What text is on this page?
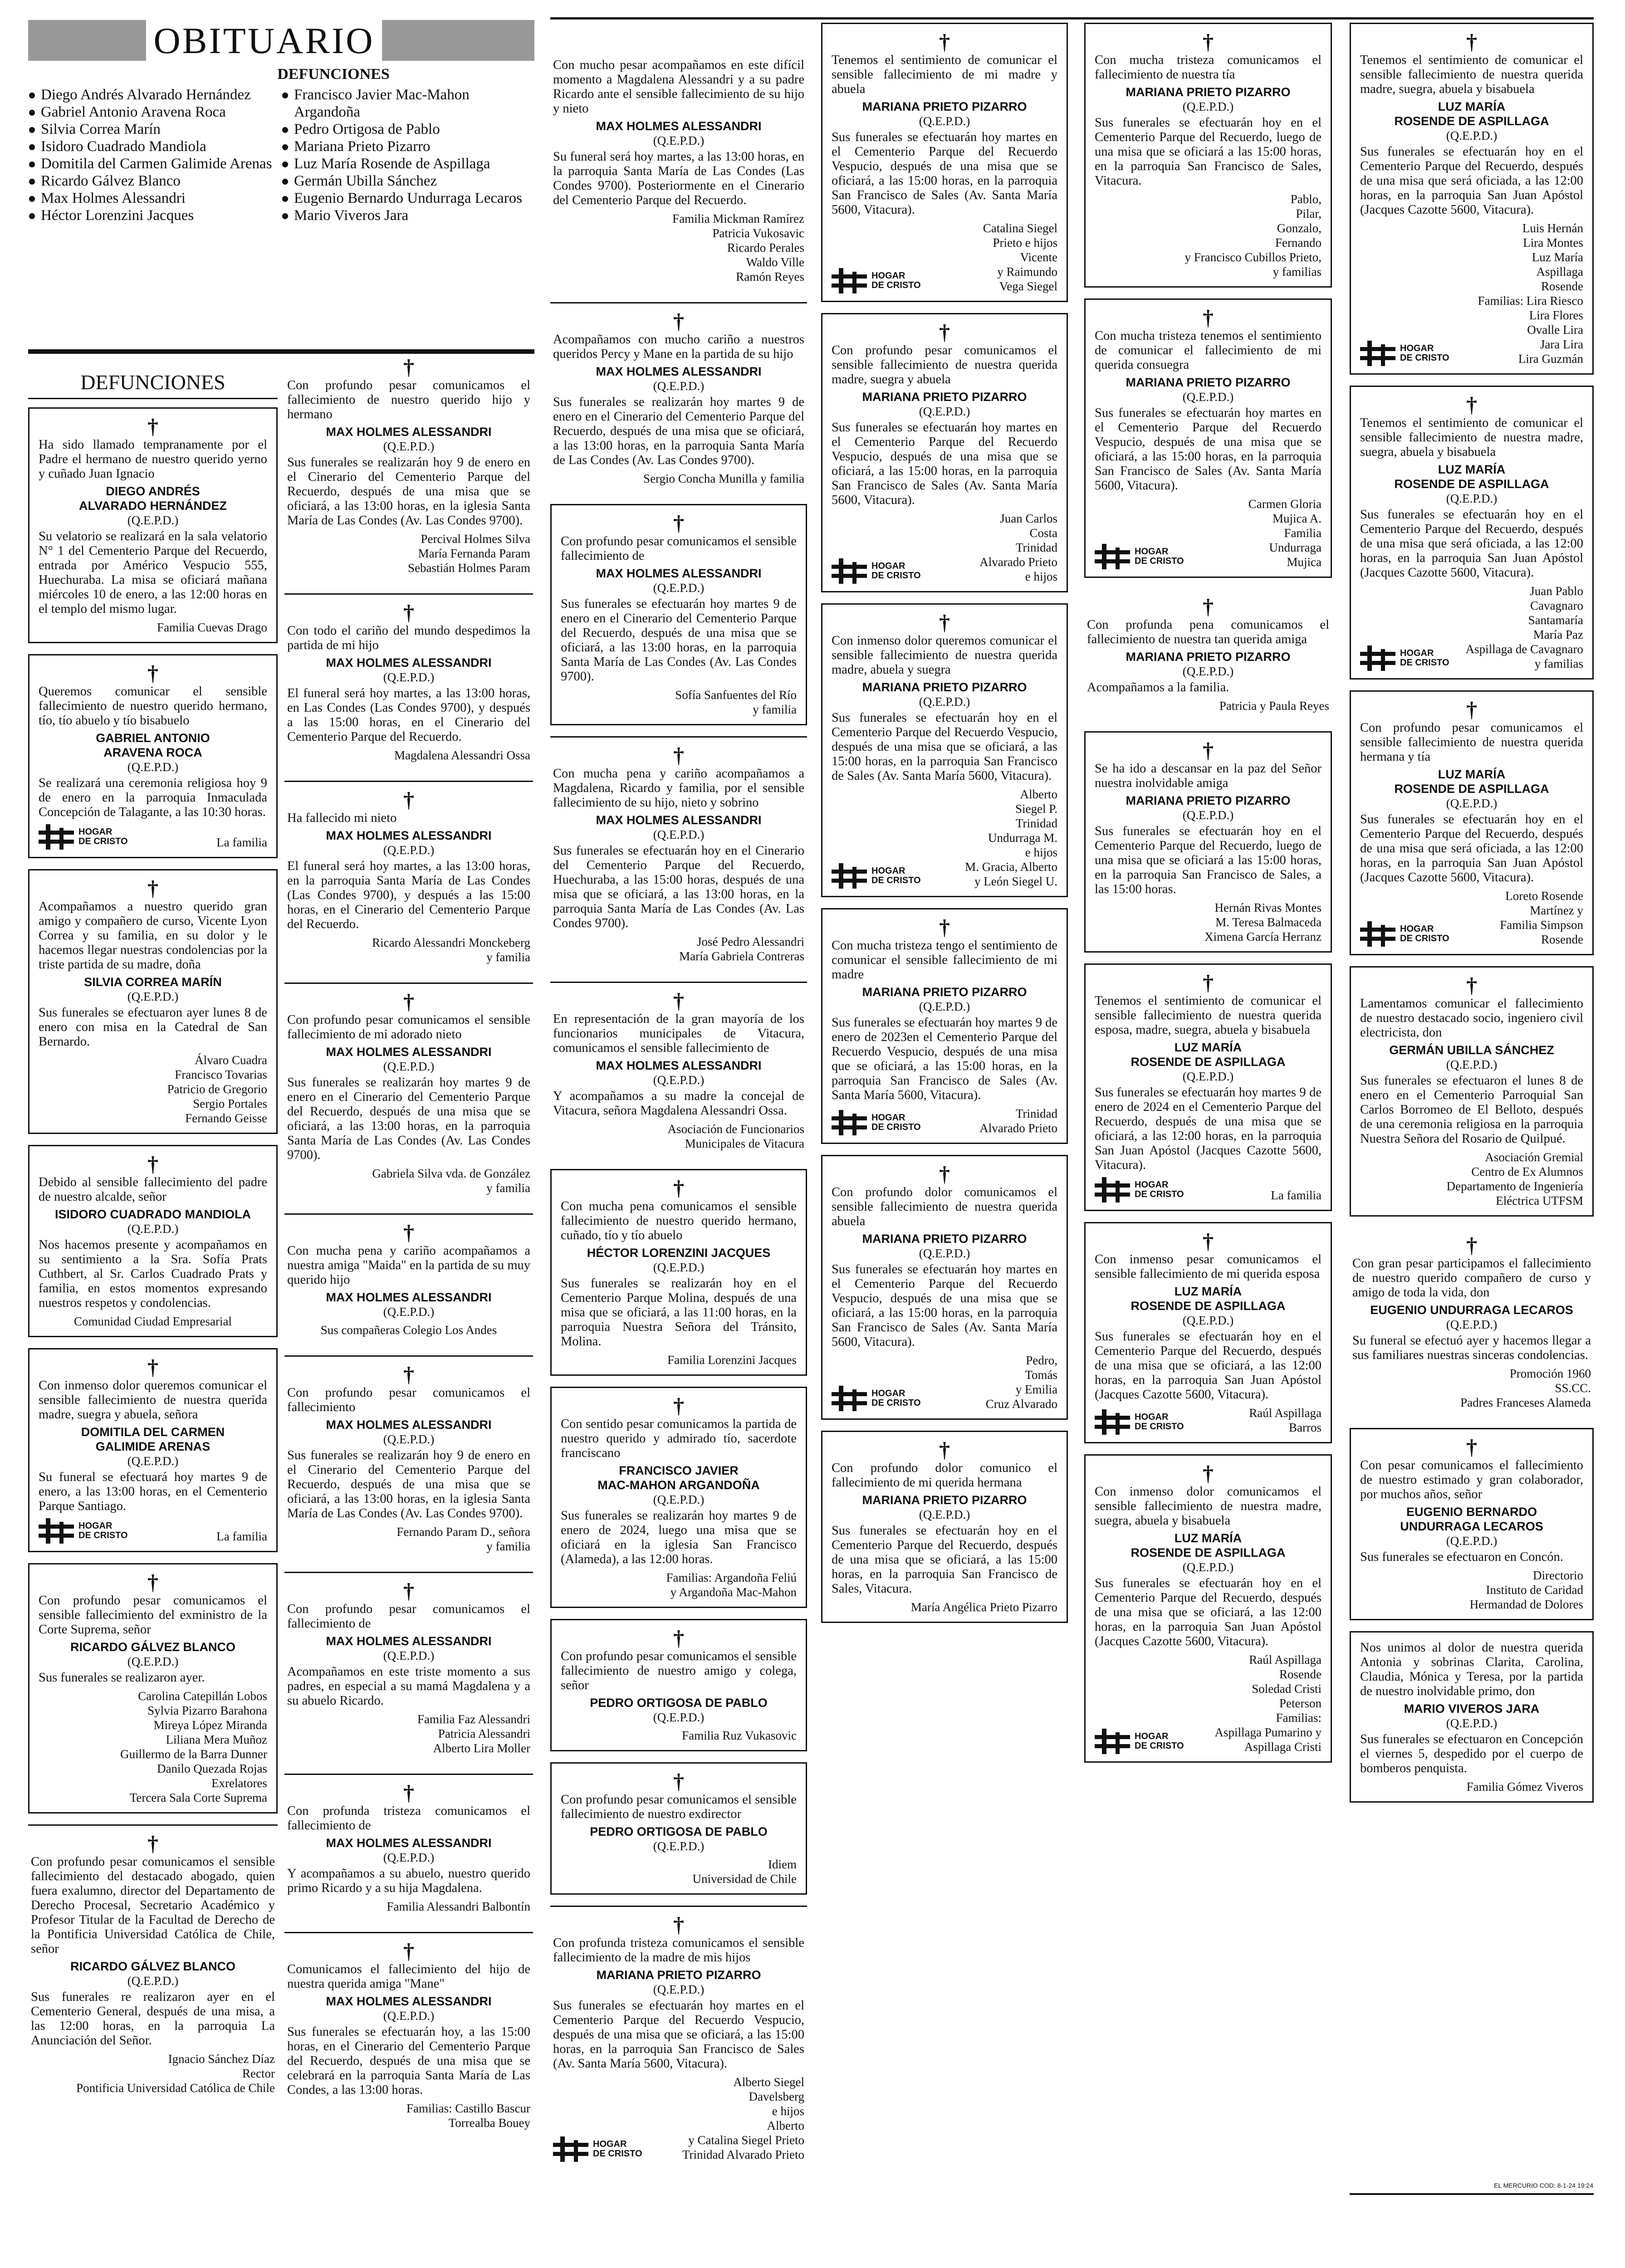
OBITUARIO
DEFUNCIONES
Diego Andrés Alvarado Hernández
Gabriel Antonio Aravena Roca
Silvia Correa Marín
Isidoro Cuadrado Mandiola
Domitila del Carmen Galimide Arenas
Ricardo Gálvez Blanco
Max Holmes Alessandri
Héctor Lorenzini Jacques
Francisco Javier Mac-Mahon Argandoña
Pedro Ortigosa de Pablo
Mariana Prieto Pizarro
Luz María Rosende de Aspillaga
Germán Ubilla Sánchez
Eugenio Bernardo Undurraga Lecaros
Mario Viveros Jara
DEFUNCIONES
†

Ha sido llamado tempranamente por el Padre el hermano de nuestro querido yerno y cuñado Juan Ignacio

DIEGO ANDRÉS
ALVARADO HERNÁNDEZ
(Q.E.P.D.)

Su velatorio se realizará en la sala velatorio N° 1 del Cementerio Parque del Recuerdo, entrada por Américo Vespucio 555, Huechuraba. La misa se oficiará mañana miércoles 10 de enero, a las 12:00 horas en el templo del mismo lugar.

Familia Cuevas Drago
†

Queremos comunicar el sensible fallecimiento de nuestro querido hermano, tío, tío abuelo y tío bisabuelo

GABRIEL ANTONIO
ARAVENA ROCA
(Q.E.P.D.)

Se realizará una ceremonia religiosa hoy 9 de enero en la parroquia Inmaculada Concepción de Talagante, a las 10:30 horas.

HOGAR
DE CRISTO	La familia
†

Acompañamos a nuestro querido gran amigo y compañero de curso, Vicente Lyon Correa y su familia, en su dolor y le hacemos llegar nuestras condolencias por la triste partida de su madre, doña

SILVIA CORREA MARÍN
(Q.E.P.D.)

Sus funerales se efectuaron ayer lunes 8 de enero con misa en la Catedral de San Bernardo.

Álvaro Cuadra
Francisco Tovarias
Patricio de Gregorio
Sergio Portales
Fernando Geisse
†

Debido al sensible fallecimiento del padre de nuestro alcalde, señor

ISIDORO CUADRADO MANDIOLA
(Q.E.P.D.)

Nos hacemos presente y acompañamos en su sentimiento a la Sra. Sofía Prats Cuthbert, al Sr. Carlos Cuadrado Prats y familia, en estos momentos expresando nuestros respetos y condolencias.

Comunidad Ciudad Empresarial
†

Con inmenso dolor queremos comunicar el sensible fallecimiento de nuestra querida madre, suegra y abuela, señora

DOMITILA DEL CARMEN
GALIMIDE ARENAS
(Q.E.P.D.)

Su funeral se efectuará hoy martes 9 de enero, a las 13:00 horas, en el Cementerio Parque Santiago.

HOGAR
DE CRISTO	La familia
†

Con profundo pesar comunicamos el sensible fallecimiento del exministro de la Corte Suprema, señor

RICARDO GÁLVEZ BLANCO
(Q.E.P.D.)

Sus funerales se realizaron ayer.

Carolina Catepillán Lobos
Sylvia Pizarro Barahona
Mireya López Miranda
Liliana Mera Muñoz
Guillermo de la Barra Dunner
Danilo Quezada Rojas
Exrelatores
Tercera Sala Corte Suprema
†

Con profundo pesar comunicamos el sensible fallecimiento del destacado abogado, quien fuera exalumno, director del Departamento de Derecho Procesal, Secretario Académico y Profesor Titular de la Facultad de Derecho de la Pontificia Universidad Católica de Chile, señor

RICARDO GÁLVEZ BLANCO
(Q.E.P.D.)

Sus funerales re realizaron ayer en el Cementerio General, después de una misa, a las 12:00 horas, en la parroquia La Anunciación del Señor.

Ignacio Sánchez Díaz
Rector
Pontificia Universidad Católica de Chile
†

Con profundo pesar comunicamos el fallecimiento de nuestro querido hijo y hermano

MAX HOLMES ALESSANDRI
(Q.E.P.D.)

Sus funerales se realizarán hoy 9 de enero en el Cinerario del Cementerio Parque del Recuerdo, después de una misa que se oficiará, a las 13:00 horas, en la iglesia Santa María de Las Condes (Av. Las Condes 9700).

Percival Holmes Silva
María Fernanda Param
Sebastián Holmes Param
†

Con todo el cariño del mundo despedimos la partida de mi hijo

MAX HOLMES ALESSANDRI
(Q.E.P.D.)

El funeral será hoy martes, a las 13:00 horas, en Las Condes (Las Condes 9700), y después a las 15:00 horas, en el Cinerario del Cementerio Parque del Recuerdo.

Magdalena Alessandri Ossa
†

Ha fallecido mi nieto

MAX HOLMES ALESSANDRI
(Q.E.P.D.)

El funeral será hoy martes, a las 13:00 horas, en la parroquia Santa María de Las Condes (Las Condes 9700), y después a las 15:00 horas, en el Cinerario del Cementerio Parque del Recuerdo.

Ricardo Alessandri Monckeberg
y familia
†

Con profundo pesar comunicamos el sensible fallecimiento de mi adorado nieto

MAX HOLMES ALESSANDRI
(Q.E.P.D.)

Sus funerales se realizarán hoy martes 9 de enero en el Cinerario del Cementerio Parque del Recuerdo, después de una misa que se oficiará, a las 13:00 horas, en la parroquia Santa María de Las Condes (Av. Las Condes 9700).

Gabriela Silva vda. de González
y familia
†

Con mucha pena y cariño acompañamos a nuestra amiga "Maida" en la partida de su muy querido hijo

MAX HOLMES ALESSANDRI
(Q.E.P.D.)
Sus compañeras Colegio Los Andes
†

Con profundo pesar comunicamos el fallecimiento

MAX HOLMES ALESSANDRI
(Q.E.P.D.)

Sus funerales se realizarán hoy 9 de enero en el Cinerario del Cementerio Parque del Recuerdo, después de una misa que se oficiará, a las 13:00 horas, en la iglesia Santa María de Las Condes (Av. Las Condes 9700).

Fernando Param D., señora
y familia
†

Con profundo pesar comunicamos el fallecimiento de

MAX HOLMES ALESSANDRI
(Q.E.P.D.)

Acompañamos en este triste momento a sus padres, en especial a su mamá Magdalena y a su abuelo Ricardo.

Familia Faz Alessandri
Patricia Alessandri
Alberto Lira Moller
†

Con profunda tristeza comunicamos el fallecimiento de

MAX HOLMES ALESSANDRI
(Q.E.P.D.)

Y acompañamos a su abuelo, nuestro querido primo Ricardo y a su hija Magdalena.

Familia Alessandri Balbontín
†

Comunicamos el fallecimiento del hijo de nuestra querida amiga "Mane"

MAX HOLMES ALESSANDRI
(Q.E.P.D.)

Sus funerales se efectuarán hoy, a las 15:00 horas, en el Cinerario del Cementerio Parque del Recuerdo, después de una misa que se celebrará en la parroquia Santa María de Las Condes, a las 13:00 horas.

Familias: Castillo Bascur
Torrealba Bouey

Con mucho pesar acompañamos en este difícil momento a Magdalena Alessandri y a su padre Ricardo ante el sensible fallecimiento de su hijo y nieto

MAX HOLMES ALESSANDRI
(Q.E.P.D.)

Su funeral será hoy martes, a las 13:00 horas, en la parroquia Santa María de Las Condes (Las Condes 9700). Posteriormente en el Cinerario del Cementerio Parque del Recuerdo.

Familia Mickman Ramírez
Patricia Vukosavic
Ricardo Perales
Waldo Ville
Ramón Reyes
†

Acompañamos con mucho cariño a nuestros queridos Percy y Mane en la partida de su hijo

MAX HOLMES ALESSANDRI
(Q.E.P.D.)

Sus funerales se realizarán hoy martes 9 de enero en el Cinerario del Cementerio Parque del Recuerdo, después de una misa que se oficiará, a las 13:00 horas, en la parroquia Santa María de Las Condes (Av. Las Condes 9700).

Sergio Concha Munilla y familia
†

Con profundo pesar comunicamos el sensible fallecimiento de

MAX HOLMES ALESSANDRI
(Q.E.P.D.)

Sus funerales se efectuarán hoy martes 9 de enero en el Cinerario del Cementerio Parque del Recuerdo, después de una misa que se oficiará, a las 13:00 horas, en la parroquia Santa María de Las Condes (Av. Las Condes 9700).

Sofía Sanfuentes del Río
y familia
†

Con mucha pena y cariño acompañamos a Magdalena, Ricardo y familia, por el sensible fallecimiento de su hijo, nieto y sobrino

MAX HOLMES ALESSANDRI
(Q.E.P.D.)

Sus funerales se efectuarán hoy en el Cinerario del Cementerio Parque del Recuerdo, Huechuraba, a las 15:00 horas, después de una misa que se oficiará, a las 13:00 horas, en la parroquia Santa María de Las Condes (Av. Las Condes 9700).

José Pedro Alessandri
María Gabriela Contreras
†

En representación de la gran mayoría de los funcionarios municipales de Vitacura, comunicamos el sensible fallecimiento de

MAX HOLMES ALESSANDRI
(Q.E.P.D.)

Y acompañamos a su madre la concejal de Vitacura, señora Magdalena Alessandri Ossa.

Asociación de Funcionarios
Municipales de Vitacura
†

Con mucha pena comunicamos el sensible fallecimiento de nuestro querido hermano, cuñado, tío y tío abuelo

HÉCTOR LORENZINI JACQUES
(Q.E.P.D.)

Sus funerales se realizarán hoy en el Cementerio Parque Molina, después de una misa que se oficiará, a las 11:00 horas, en la parroquia Nuestra Señora del Tránsito, Molina.

Familia Lorenzini Jacques
†

Con sentido pesar comunicamos la partida de nuestro querido y admirado tío, sacerdote franciscano

FRANCISCO JAVIER
MAC-MAHON ARGANDOÑA
(Q.E.P.D.)

Sus funerales se realizarán hoy martes 9 de enero de 2024, luego una misa que se oficiará en la iglesia San Francisco (Alameda), a las 12:00 horas.

Familias: Argandoña Feliú
y Argandoña Mac-Mahon
†

Con profundo pesar comunicamos el sensible fallecimiento de nuestro amigo y colega, señor

PEDRO ORTIGOSA DE PABLO
(Q.E.P.D.)
Familia Ruz Vukasovic
†

Con profundo pesar comunicamos el sensible fallecimiento de nuestro exdirector

PEDRO ORTIGOSA DE PABLO
(Q.E.P.D.)
Idiem
Universidad de Chile
†

Con profunda tristeza comunicamos el sensible fallecimiento de la madre de mis hijos

MARIANA PRIETO PIZARRO
(Q.E.P.D.)

Sus funerales se efectuarán hoy martes en el Cementerio Parque del Recuerdo Vespucio, después de una misa que se oficiará, a las 15:00 horas, en la parroquia San Francisco de Sales (Av. Santa María 5600, Vitacura).

HOGAR
DE CRISTO
Alberto Siegel
Davelsberg
e hijos
Alberto
y Catalina Siegel Prieto
Trinidad Alvarado Prieto
†

Tenemos el sentimiento de comunicar el sensible fallecimiento de mi madre y abuela

MARIANA PRIETO PIZARRO
(Q.E.P.D.)

Sus funerales se efectuarán hoy martes en el Cementerio Parque del Recuerdo Vespucio, después de una misa que se oficiará, a las 15:00 horas, en la parroquia San Francisco de Sales (Av. Santa María 5600, Vitacura).

HOGAR
DE CRISTO
Catalina Siegel
Prieto e hijos
Vicente
y Raimundo
Vega Siegel
†

Con profundo pesar comunicamos el sensible fallecimiento de nuestra querida madre, suegra y abuela

MARIANA PRIETO PIZARRO
(Q.E.P.D.)

Sus funerales se efectuarán hoy martes en el Cementerio Parque del Recuerdo Vespucio, después de una misa que se oficiará, a las 15:00 horas, en la parroquia San Francisco de Sales (Av. Santa María 5600, Vitacura).

HOGAR
DE CRISTO
Juan Carlos
Costa
Trinidad
Alvarado Prieto
e hijos
†

Con inmenso dolor queremos comunicar el sensible fallecimiento de nuestra querida madre, abuela y suegra

MARIANA PRIETO PIZARRO
(Q.E.P.D.)

Sus funerales se efectuarán hoy en el Cementerio Parque del Recuerdo Vespucio, después de una misa que se oficiará, a las 15:00 horas, en la parroquia San Francisco de Sales (Av. Santa María 5600, Vitacura).

HOGAR
DE CRISTO
Alberto
Siegel P.
Trinidad
Undurraga M.
e hijos
M. Gracia, Alberto
y León Siegel U.
†

Con mucha tristeza tengo el sentimiento de comunicar el sensible fallecimiento de mi madre

MARIANA PRIETO PIZARRO
(Q.E.P.D.)

Sus funerales se efectuarán hoy martes 9 de enero de 2023en el Cementerio Parque del Recuerdo Vespucio, después de una misa que se oficiará, a las 15:00 horas, en la parroquia San Francisco de Sales (Av. Santa María 5600, Vitacura).

HOGAR
DE CRISTO
Trinidad
Alvarado Prieto
†

Con profundo dolor comunicamos el sensible fallecimiento de nuestra querida abuela

MARIANA PRIETO PIZARRO
(Q.E.P.D.)

Sus funerales se efectuarán hoy martes en el Cementerio Parque del Recuerdo Vespucio, después de una misa que se oficiará, a las 15:00 horas, en la parroquia San Francisco de Sales (Av. Santa María 5600, Vitacura).

HOGAR
DE CRISTO
Pedro,
Tomás
y Emilia
Cruz Alvarado
†

Con profundo dolor comunico el fallecimiento de mi querida hermana

MARIANA PRIETO PIZARRO
(Q.E.P.D.)

Sus funerales se efectuarán hoy en el Cementerio Parque del Recuerdo, después de una misa que se oficiará, a las 15:00 horas, en la parroquia San Francisco de Sales, Vitacura.

María Angélica Prieto Pizarro
†

Con mucha tristeza comunicamos el fallecimiento de nuestra tía

MARIANA PRIETO PIZARRO
(Q.E.P.D.)

Sus funerales se efectuarán hoy en el Cementerio Parque del Recuerdo, luego de una misa que se oficiará a las 15:00 horas, en la parroquia San Francisco de Sales, Vitacura.

Pablo,
Pilar,
Gonzalo,
Fernando
y Francisco Cubillos Prieto,
y familias
†

Con mucha tristeza tenemos el sentimiento de comunicar el fallecimiento de mi querida consuegra

MARIANA PRIETO PIZARRO
(Q.E.P.D.)

Sus funerales se efectuarán hoy martes en el Cementerio Parque del Recuerdo Vespucio, después de una misa que se oficiará, a las 15:00 horas, en la parroquia San Francisco de Sales (Av. Santa María 5600, Vitacura).

HOGAR
DE CRISTO
Carmen Gloria
Mujica A.
Familia
Undurraga
Mujica
†

Con profunda pena comunicamos el fallecimiento de nuestra tan querida amiga

MARIANA PRIETO PIZARRO
(Q.E.P.D.)

Acompañamos a la familia.

Patricia y Paula Reyes
†

Se ha ido a descansar en la paz del Señor nuestra inolvidable amiga

MARIANA PRIETO PIZARRO
(Q.E.P.D.)

Sus funerales se efectuarán hoy en el Cementerio Parque del Recuerdo, luego de una misa que se oficiará a las 15:00 horas, en la parroquia San Francisco de Sales, a las 15:00 horas.

Hernán Rivas Montes
M. Teresa Balmaceda
Ximena García Herranz
†

Tenemos el sentimiento de comunicar el sensible fallecimiento de nuestra querida esposa, madre, suegra, abuela y bisabuela

LUZ MARÍA
ROSENDE DE ASPILLAGA
(Q.E.P.D.)

Sus funerales se efectuarán hoy martes 9 de enero de 2024 en el Cementerio Parque del Recuerdo, después de una misa que se oficiará, a las 12:00 horas, en la parroquia San Juan Apóstol (Jacques Cazotte 5600, Vitacura).

HOGAR
DE CRISTO	La familia
†

Con inmenso pesar comunicamos el sensible fallecimiento de mi querida esposa

LUZ MARÍA
ROSENDE DE ASPILLAGA
(Q.E.P.D.)

Sus funerales se efectuarán hoy en el Cementerio Parque del Recuerdo, después de una misa que se oficiará, a las 12:00 horas, en la parroquia San Juan Apóstol (Jacques Cazotte 5600, Vitacura).

HOGAR
DE CRISTO
Raúl Aspillaga
Barros
†

Con inmenso dolor comunicamos el sensible fallecimiento de nuestra madre, suegra, abuela y bisabuela

LUZ MARÍA
ROSENDE DE ASPILLAGA
(Q.E.P.D.)

Sus funerales se efectuarán hoy en el Cementerio Parque del Recuerdo, después de una misa que se oficiará, a las 12:00 horas, en la parroquia San Juan Apóstol (Jacques Cazotte 5600, Vitacura).

HOGAR
DE CRISTO
Raúl Aspillaga
Rosende
Soledad Cristi
Peterson
Familias:
Aspillaga Pumarino y
Aspillaga Cristi
†

Tenemos el sentimiento de comunicar el sensible fallecimiento de nuestra querida madre, suegra, abuela y bisabuela

LUZ MARÍA
ROSENDE DE ASPILLAGA
(Q.E.P.D.)

Sus funerales se efectuarán hoy en el Cementerio Parque del Recuerdo, después de una misa que será oficiada, a las 12:00 horas, en la parroquia San Juan Apóstol (Jacques Cazotte 5600, Vitacura).

HOGAR
DE CRISTO
Luis Hernán
Lira Montes
Luz María
Aspillaga
Rosende
Familias: Lira Riesco
Lira Flores
Ovalle Lira
Jara Lira
Lira Guzmán
†

Tenemos el sentimiento de comunicar el sensible fallecimiento de nuestra madre, suegra, abuela y bisabuela

LUZ MARÍA
ROSENDE DE ASPILLAGA
(Q.E.P.D.)

Sus funerales se efectuarán hoy en el Cementerio Parque del Recuerdo, después de una misa que será oficiada, a las 12:00 horas, en la parroquia San Juan Apóstol (Jacques Cazotte 5600, Vitacura).

HOGAR
DE CRISTO
Juan Pablo
Cavagnaro
Santamaría
María Paz
Aspillaga de Cavagnaro
y familias
†

Con profundo pesar comunicamos el sensible fallecimiento de nuestra querida hermana y tía

LUZ MARÍA
ROSENDE DE ASPILLAGA
(Q.E.P.D.)

Sus funerales se efectuarán hoy en el Cementerio Parque del Recuerdo, después de una misa que será oficiada, a las 12:00 horas, en la parroquia San Juan Apóstol (Jacques Cazotte 5600, Vitacura).

HOGAR
DE CRISTO
Loreto Rosende
Martínez y
Familia Simpson
Rosende
†

Lamentamos comunicar el fallecimiento de nuestro destacado socio, ingeniero civil electricista, don

GERMÁN UBILLA SÁNCHEZ
(Q.E.P.D.)

Sus funerales se efectuaron el lunes 8 de enero en el Cementerio Parroquial San Carlos Borromeo de El Belloto, después de una ceremonia religiosa en la parroquia Nuestra Señora del Rosario de Quilpué.

Asociación Gremial
Centro de Ex Alumnos
Departamento de Ingeniería
Eléctrica UTFSM
†

Con gran pesar participamos el fallecimiento de nuestro querido compañero de curso y amigo de toda la vida, don

EUGENIO UNDURRAGA LECAROS
(Q.E.P.D.)

Su funeral se efectuó ayer y hacemos llegar a sus familiares nuestras sinceras condolencias.

Promoción 1960
SS.CC.
Padres Franceses Alameda
†

Con pesar comunicamos el fallecimiento de nuestro estimado y gran colaborador, por muchos años, señor

EUGENIO BERNARDO
UNDURRAGA LECAROS
(Q.E.P.D.)

Sus funerales se efectuaron en Concón.

Directorio
Instituto de Caridad
Hermandad de Dolores

Nos unimos al dolor de nuestra querida Antonia y sobrinas Clarita, Carolina, Claudia, Mónica y Teresa, por la partida de nuestro inolvidable primo, don

MARIO VIVEROS JARA
(Q.E.P.D.)

Sus funerales se efectuaron en Concepción el viernes 5, despedido por el cuerpo de bomberos penquista.

Familia Gómez Viveros
EL MERCURIO COD: 8-1-24 19:24
